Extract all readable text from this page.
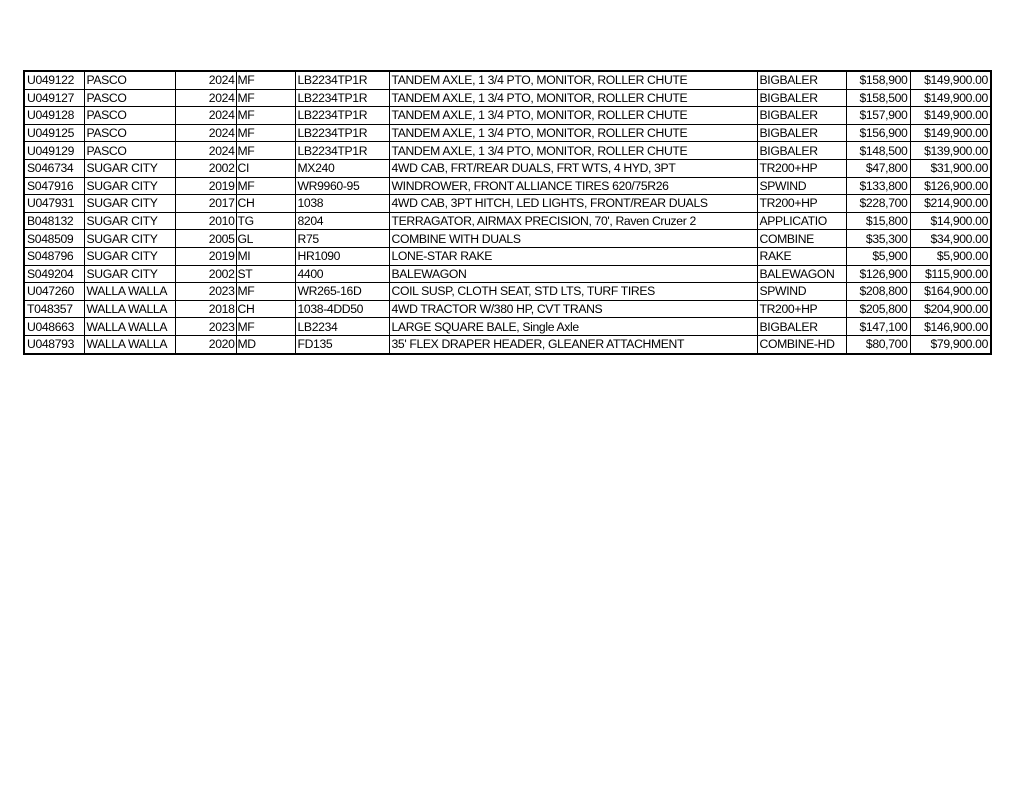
U049122	PASCO	2024	MF	LB2234TP1R	TANDEM AXLE, 1 3/4 PTO, MONITOR, ROLLER CHUTE	BIGBALER	$158,900	$149,900.00
U049127	PASCO	2024	MF	LB2234TP1R	TANDEM AXLE, 1 3/4 PTO, MONITOR, ROLLER CHUTE	BIGBALER	$158,500	$149,900.00
U049128	PASCO	2024	MF	LB2234TP1R	TANDEM AXLE, 1 3/4 PTO, MONITOR, ROLLER CHUTE	BIGBALER	$157,900	$149,900.00
U049125	PASCO	2024	MF	LB2234TP1R	TANDEM AXLE, 1 3/4 PTO, MONITOR, ROLLER CHUTE	BIGBALER	$156,900	$149,900.00
U049129	PASCO	2024	MF	LB2234TP1R	TANDEM AXLE, 1 3/4 PTO, MONITOR, ROLLER CHUTE	BIGBALER	$148,500	$139,900.00
S046734	SUGAR CITY	2002	CI	MX240	4WD CAB, FRT/REAR DUALS, FRT WTS, 4 HYD, 3PT	TR200+HP	$47,800	$31,900.00
S047916	SUGAR CITY	2019	MF	WR9960-95	WINDROWER, FRONT ALLIANCE TIRES 620/75R26	SPWIND	$133,800	$126,900.00
U047931	SUGAR CITY	2017	CH	1038	4WD CAB, 3PT HITCH, LED LIGHTS, FRONT/REAR DUALS	TR200+HP	$228,700	$214,900.00
B048132	SUGAR CITY	2010	TG	8204	TERRAGATOR, AIRMAX PRECISION, 70', Raven Cruzer 2	APPLICATIO	$15,800	$14,900.00
S048509	SUGAR CITY	2005	GL	R75	COMBINE WITH DUALS	COMBINE	$35,300	$34,900.00
S048796	SUGAR CITY	2019	MI	HR1090	LONE-STAR RAKE	RAKE	$5,900	$5,900.00
S049204	SUGAR CITY	2002	ST	4400	BALEWAGON	BALEWAGON	$126,900	$115,900.00
U047260	WALLA WALLA	2023	MF	WR265-16D	COIL SUSP, CLOTH SEAT, STD LTS, TURF TIRES	SPWIND	$208,800	$164,900.00
T048357	WALLA WALLA	2018	CH	1038-4DD50	4WD TRACTOR W/380 HP, CVT TRANS	TR200+HP	$205,800	$204,900.00
U048663	WALLA WALLA	2023	MF	LB2234	LARGE SQUARE BALE, Single Axle	BIGBALER	$147,100	$146,900.00
U048793	WALLA WALLA	2020	MD	FD135	35' FLEX DRAPER HEADER, GLEANER ATTACHMENT	COMBINE-HD	$80,700	$79,900.00
